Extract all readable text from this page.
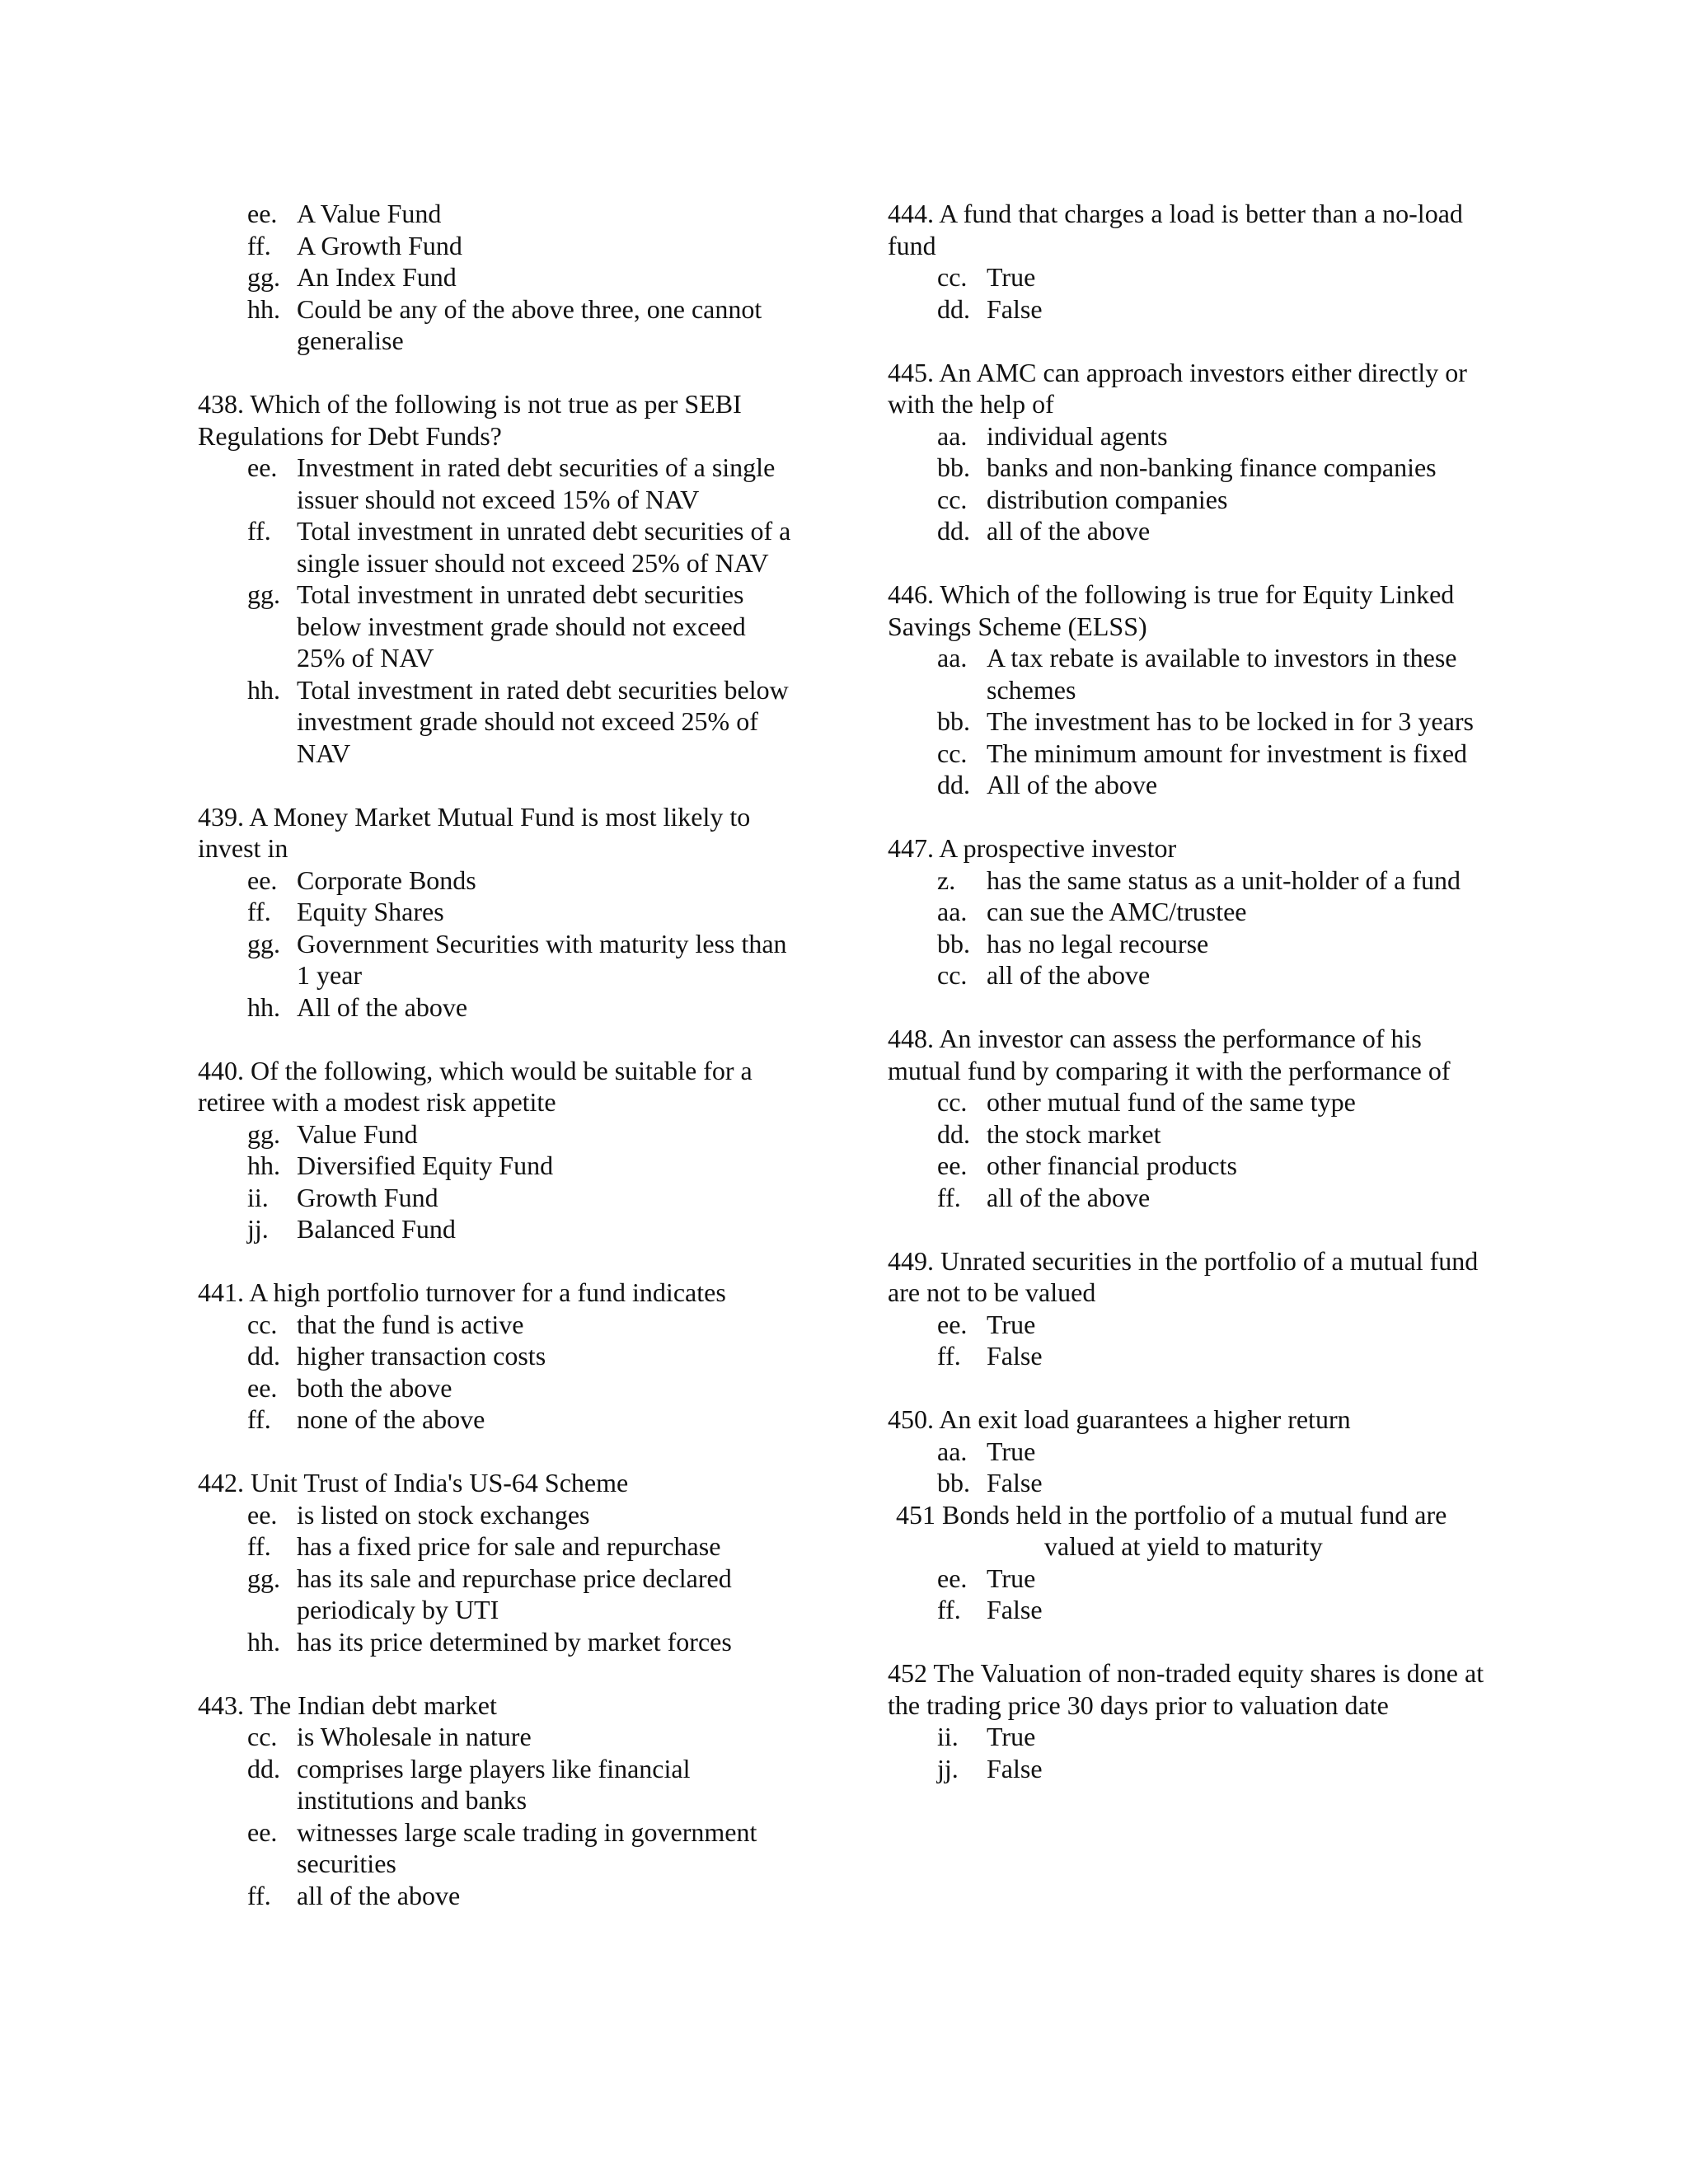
ee. A Value Fund
ff. A Growth Fund
gg. An Index Fund
hh. Could be any of the above three, one cannot generalise
438. Which of the following is not true as per SEBI Regulations for Debt Funds?
ee. Investment in rated debt securities of a single issuer should not exceed 15% of NAV
ff. Total investment in unrated debt securities of a single issuer should not exceed 25% of NAV
gg. Total investment in unrated debt securities below investment grade should not exceed 25% of NAV
hh. Total investment in rated debt securities below investment grade should not exceed 25% of NAV
439. A Money Market Mutual Fund is most likely to invest in
ee. Corporate Bonds
ff. Equity Shares
gg. Government Securities with maturity less than 1 year
hh. All of the above
440. Of the following, which would be suitable for a retiree with a modest risk appetite
gg. Value Fund
hh. Diversified Equity Fund
ii.	Growth Fund
jj.	Balanced Fund
441. A high portfolio turnover for a fund indicates
cc. that the fund is active
dd. higher transaction costs
ee. both the above
ff. none of the above
442. Unit Trust of India's US-64 Scheme
ee. is listed on stock exchanges
ff. has a fixed price for sale and repurchase
gg. has its sale and repurchase price declared periodicaly by UTI
hh. has its price determined by market forces
443. The Indian debt market
cc. is Wholesale in nature
dd. comprises large players like financial institutions and banks
ee. witnesses large scale trading in government securities
ff. all of the above
444. A fund that charges a load is better than a no-load fund
cc. True
dd. False
445. An AMC can approach investors either directly or with the help of
aa. individual agents
bb. banks and non-banking finance companies
cc. distribution companies
dd. all of the above
446. Which of the following is true for Equity Linked Savings Scheme (ELSS)
aa. A tax rebate is available to investors in these schemes
bb. The investment has to be locked in for 3 years
cc. The minimum amount for investment is fixed
dd. All of the above
447. A prospective investor
z.	has the same status as a unit-holder of a fund
aa. can sue the AMC/trustee
bb. has no legal recourse
cc. all of the above
448. An investor can assess the performance of his mutual fund by comparing it with the performance of
cc. other mutual fund of the same type
dd. the stock market
ee. other financial products
ff. all of the above
449. Unrated securities in the portfolio of a mutual fund are not to be valued
ee. True
ff. False
450. An exit load guarantees a higher return
aa. True
bb. False
451 Bonds held in the portfolio of a mutual fund are
valued at yield to maturity
ee. True
ff. False
452 The Valuation of non-traded equity shares is done at the trading price 30 days prior to valuation date
ii.	True
jj.	False
